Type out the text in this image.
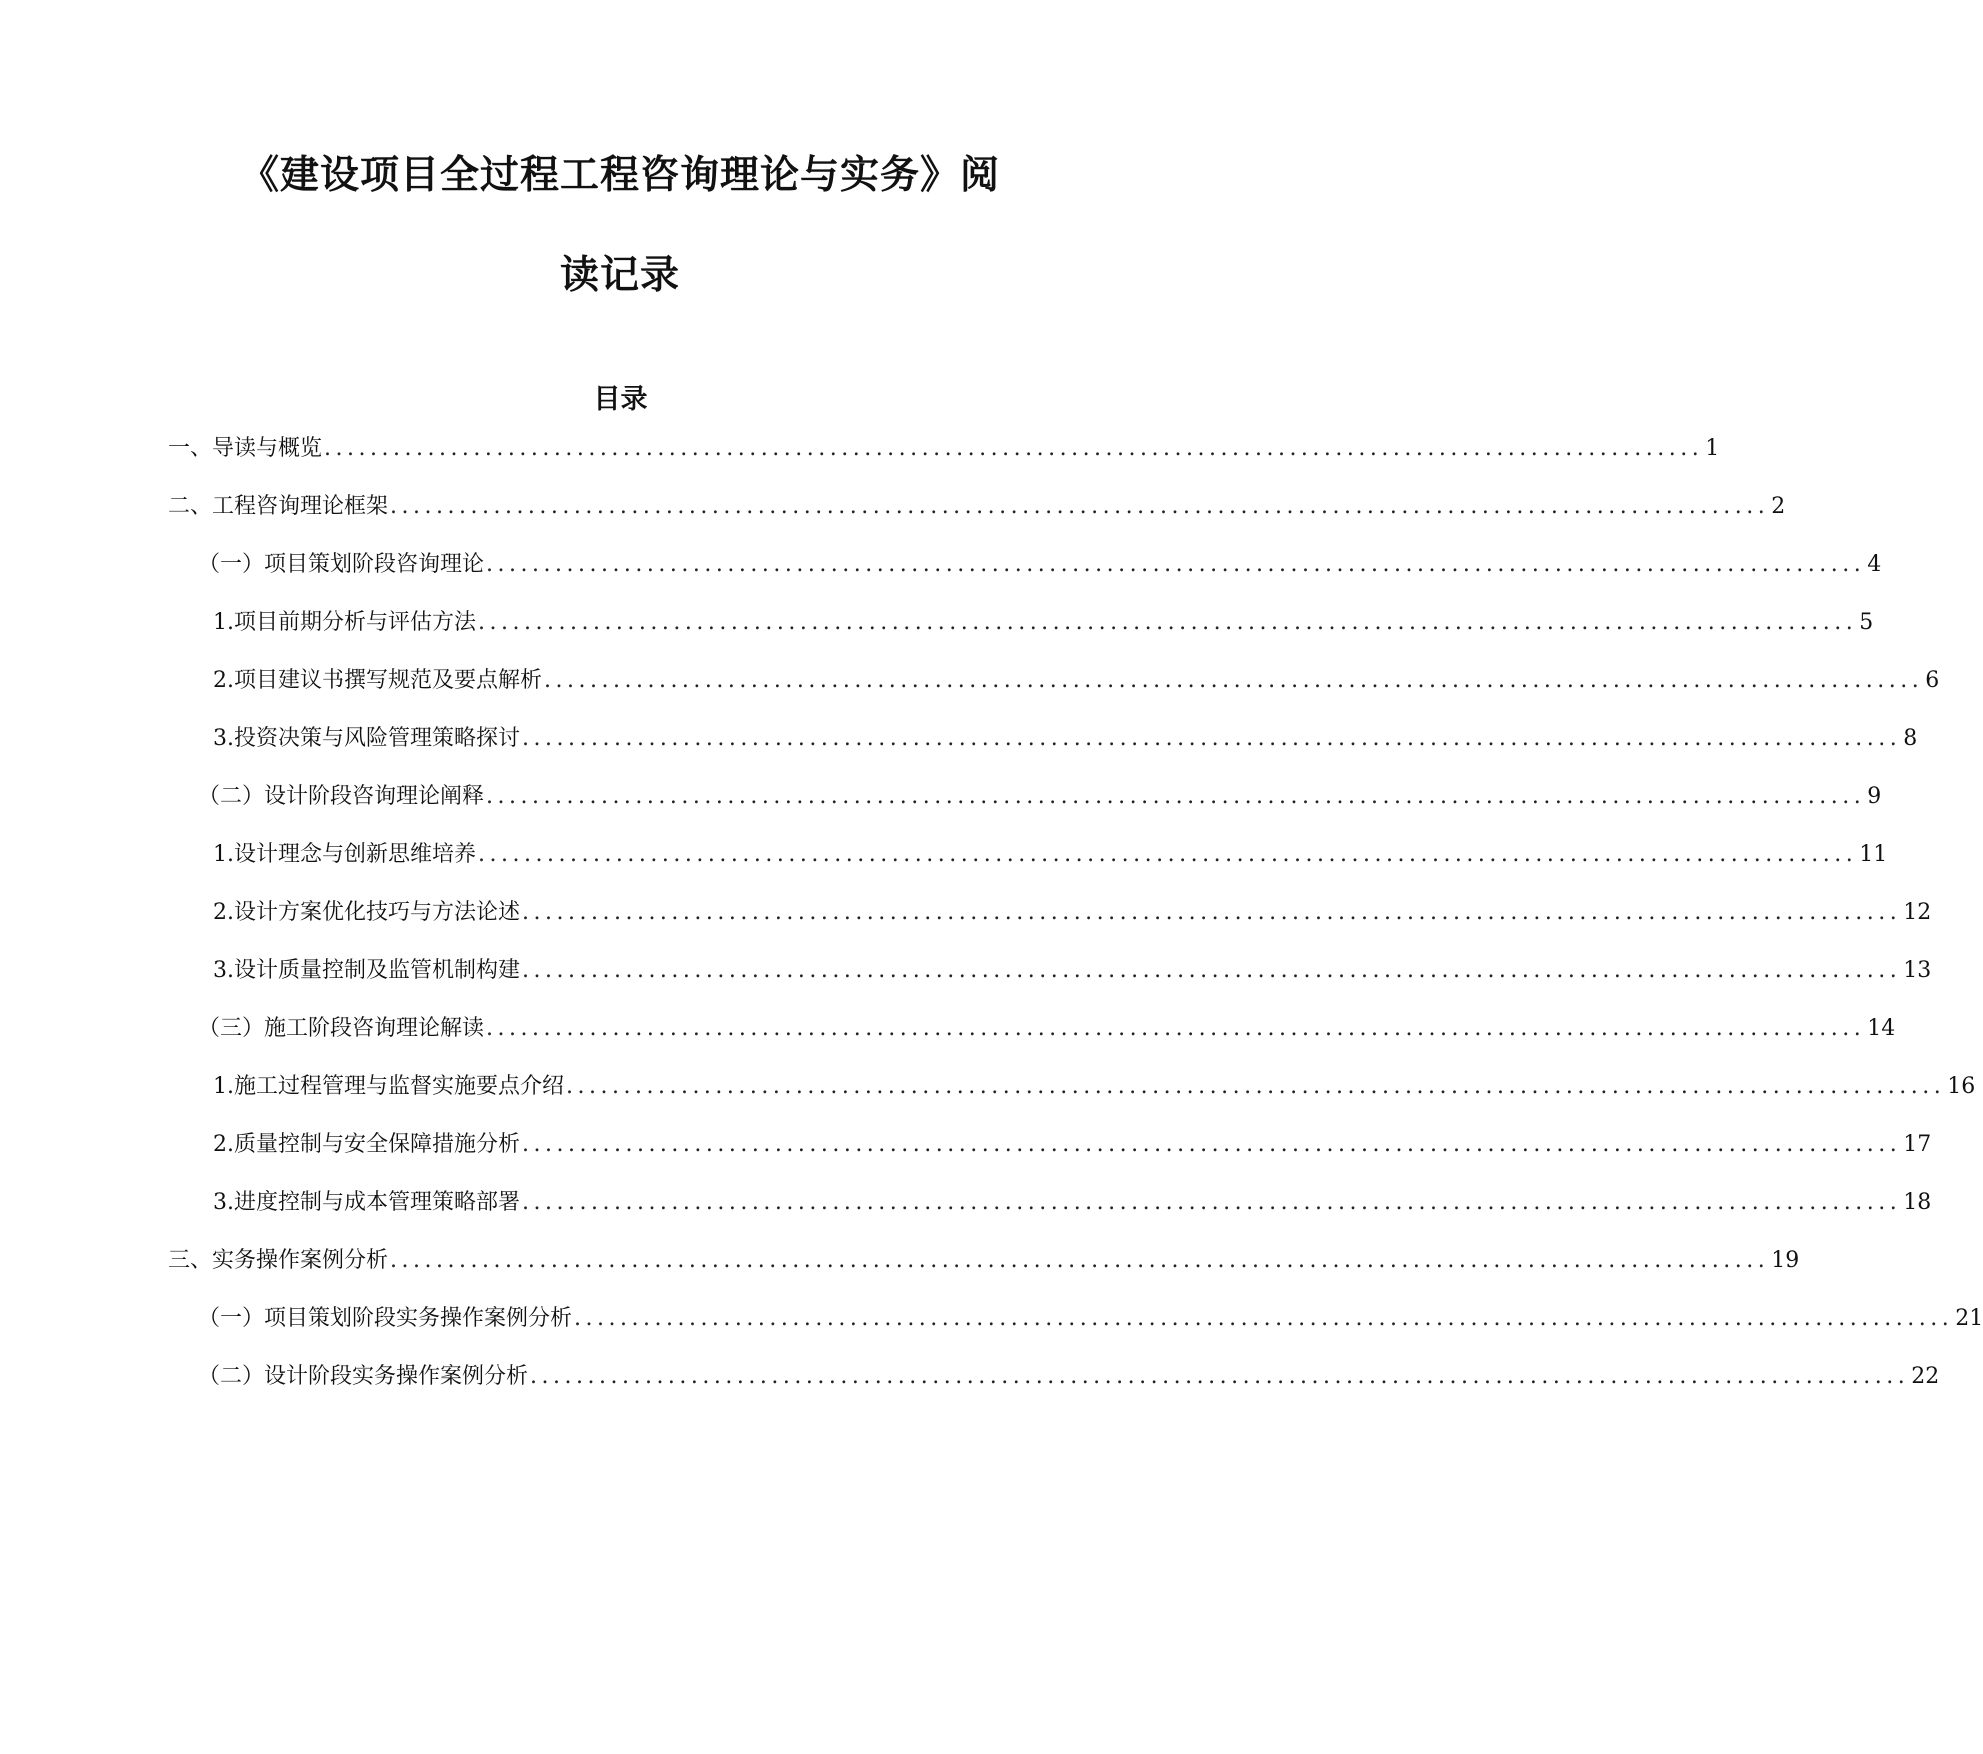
《建设项目全过程工程咨询理论与实务》阅
读记录
目录
一、导读与概览 ........................................................................................................................ 1
二、工程咨询理论框架 ........................................................................................................................ 2
（一）项目策划阶段咨询理论 ........................................................................................................................ 4
1. 项目前期分析与评估方法 ........................................................................................................................ 5
2. 项目建议书撰写规范及要点解析 ........................................................................................................................ 6
3. 投资决策与风险管理策略探讨 ........................................................................................................................ 8
（二）设计阶段咨询理论阐释 ........................................................................................................................ 9
1. 设计理念与创新思维培养 ........................................................................................................................ 11
2. 设计方案优化技巧与方法论述 ........................................................................................................................ 12
3. 设计质量控制及监管机制构建 ........................................................................................................................ 13
（三）施工阶段咨询理论解读 ........................................................................................................................ 14
1. 施工过程管理与监督实施要点介绍 ........................................................................................................................ 16
2. 质量控制与安全保障措施分析 ........................................................................................................................ 17
3. 进度控制与成本管理策略部署 ........................................................................................................................ 18
三、实务操作案例分析 ........................................................................................................................ 19
（一）项目策划阶段实务操作案例分析 ........................................................................................................................ 21
（二）设计阶段实务操作案例分析 ........................................................................................................................ 22
